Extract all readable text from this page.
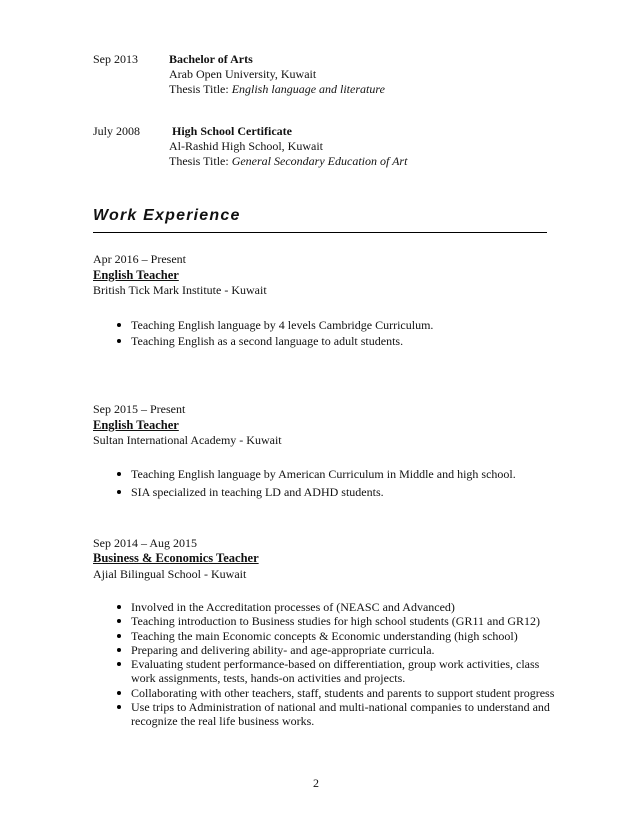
Sep 2013	Bachelor of Arts
Arab Open University, Kuwait
Thesis Title: English language and literature
July 2008	High School Certificate
Al-Rashid High School, Kuwait
Thesis Title: General Secondary Education of Art
Work Experience
Apr 2016 – Present
English Teacher
British Tick Mark Institute - Kuwait
Teaching English language by 4 levels Cambridge Curriculum.
Teaching English as a second language to adult students.
Sep 2015 – Present
English Teacher
Sultan International Academy - Kuwait
Teaching English language by American Curriculum in Middle and high school.
SIA specialized in teaching LD and ADHD students.
Sep 2014 – Aug 2015
Business & Economics Teacher
Ajial Bilingual School - Kuwait
Involved in the Accreditation processes of (NEASC and Advanced)
Teaching introduction to Business studies for high school students (GR11 and GR12)
Teaching the main Economic concepts & Economic understanding (high school)
Preparing and delivering ability- and age-appropriate curricula.
Evaluating student performance-based on differentiation, group work activities, class
work assignments, tests, hands-on activities and projects.
Collaborating with other teachers, staff, students and parents to support student progress
Use trips to Administration of national and multi-national companies to understand and
recognize the real life business works.
2
